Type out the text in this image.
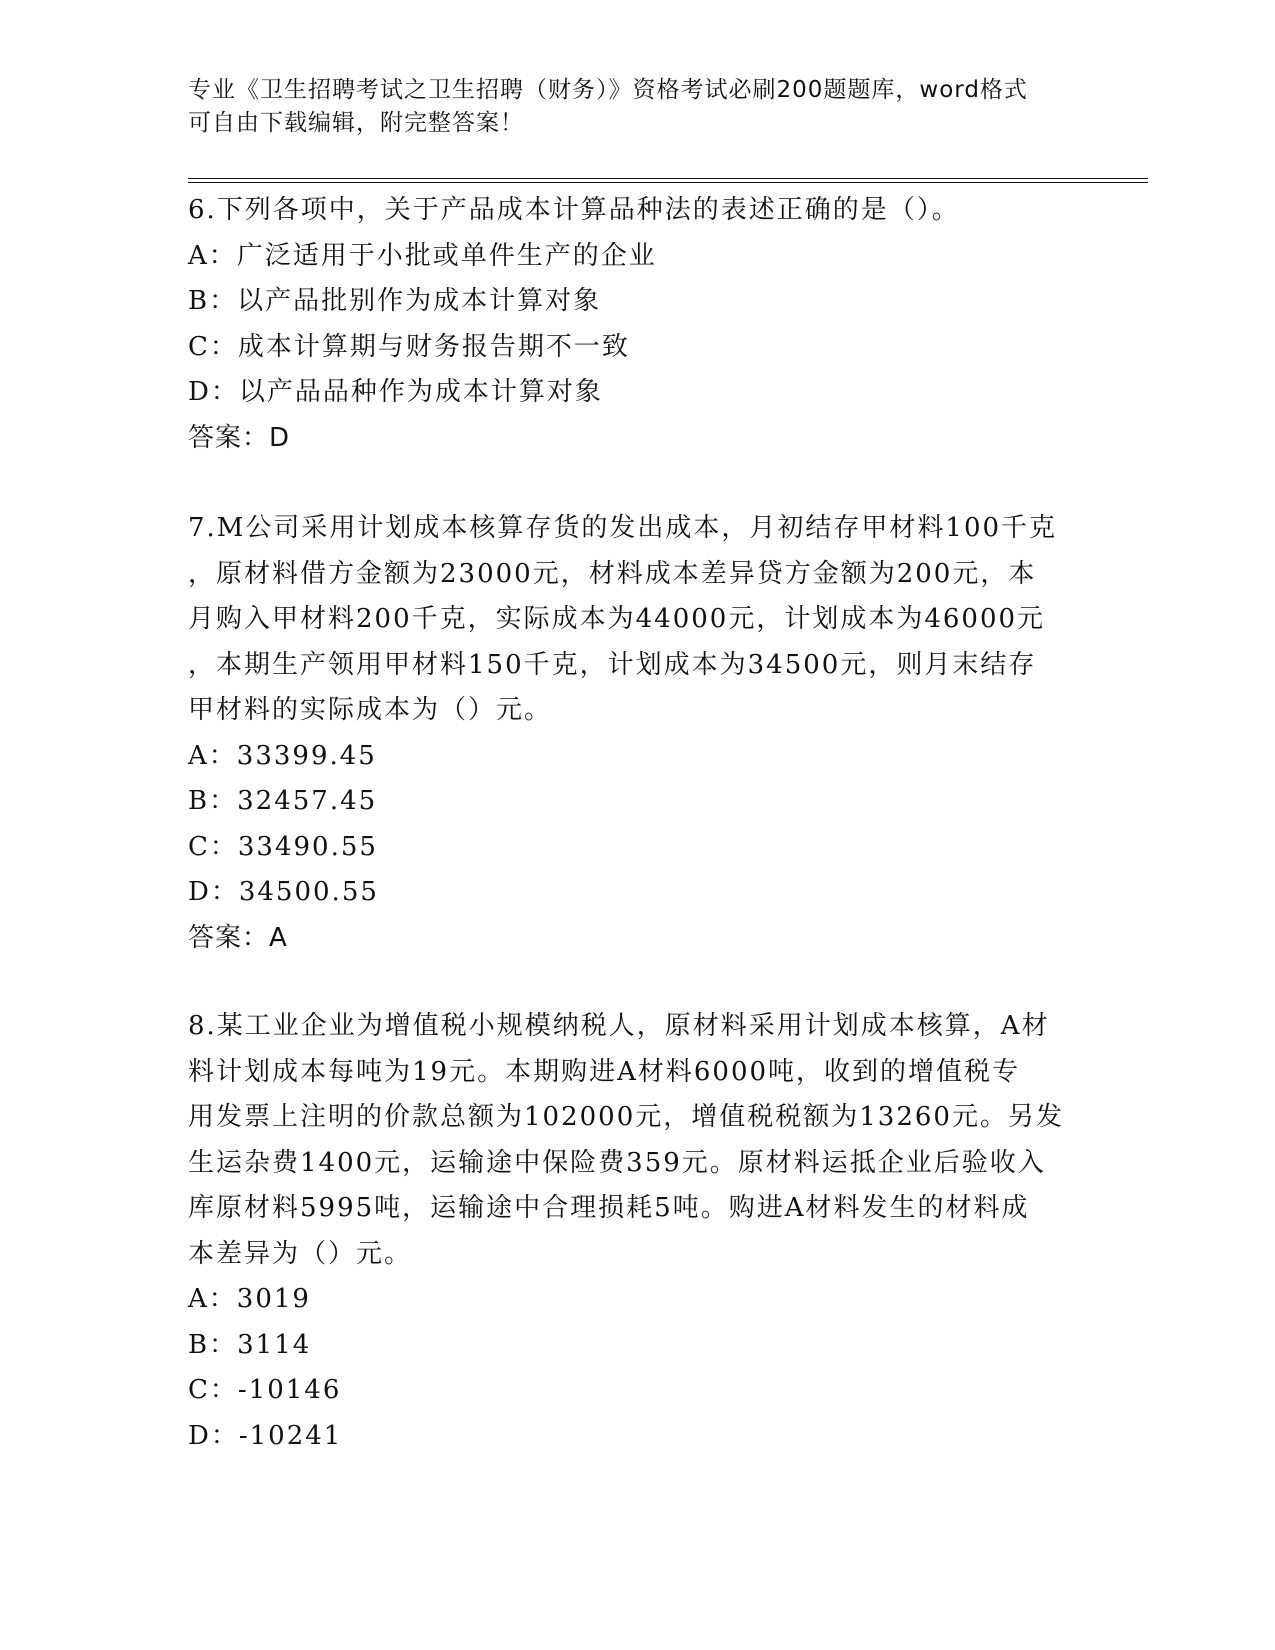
专业《卫生招聘考试之卫生招聘（财务）》资格考试必刷200题题库，word格式
可自由下载编辑，附完整答案！
6.下列各项中，关于产品成本计算品种法的表述正确的是（）。
A：广泛适用于小批或单件生产的企业
B：以产品批别作为成本计算对象
C：成本计算期与财务报告期不一致
D：以产品品种作为成本计算对象
答案：D
7.M公司采用计划成本核算存货的发出成本，月初结存甲材料100千克
，原材料借方金额为23000元，材料成本差异贷方金额为200元，本
月购入甲材料200千克，实际成本为44000元，计划成本为46000元
，本期生产领用甲材料150千克，计划成本为34500元，则月末结存
甲材料的实际成本为（）元。
A：33399.45
B：32457.45
C：33490.55
D：34500.55
答案：A
8.某工业企业为增值税小规模纳税人，原材料采用计划成本核算，A材
料计划成本每吨为19元。本期购进A材料6000吨，收到的增值税专
用发票上注明的价款总额为102000元，增值税税额为13260元。另发
生运杂费1400元，运输途中保险费359元。原材料运抵企业后验收入
库原材料5995吨，运输途中合理损耗5吨。购进A材料发生的材料成
本差异为（）元。
A：3019
B：3114
C：-10146
D：-10241
